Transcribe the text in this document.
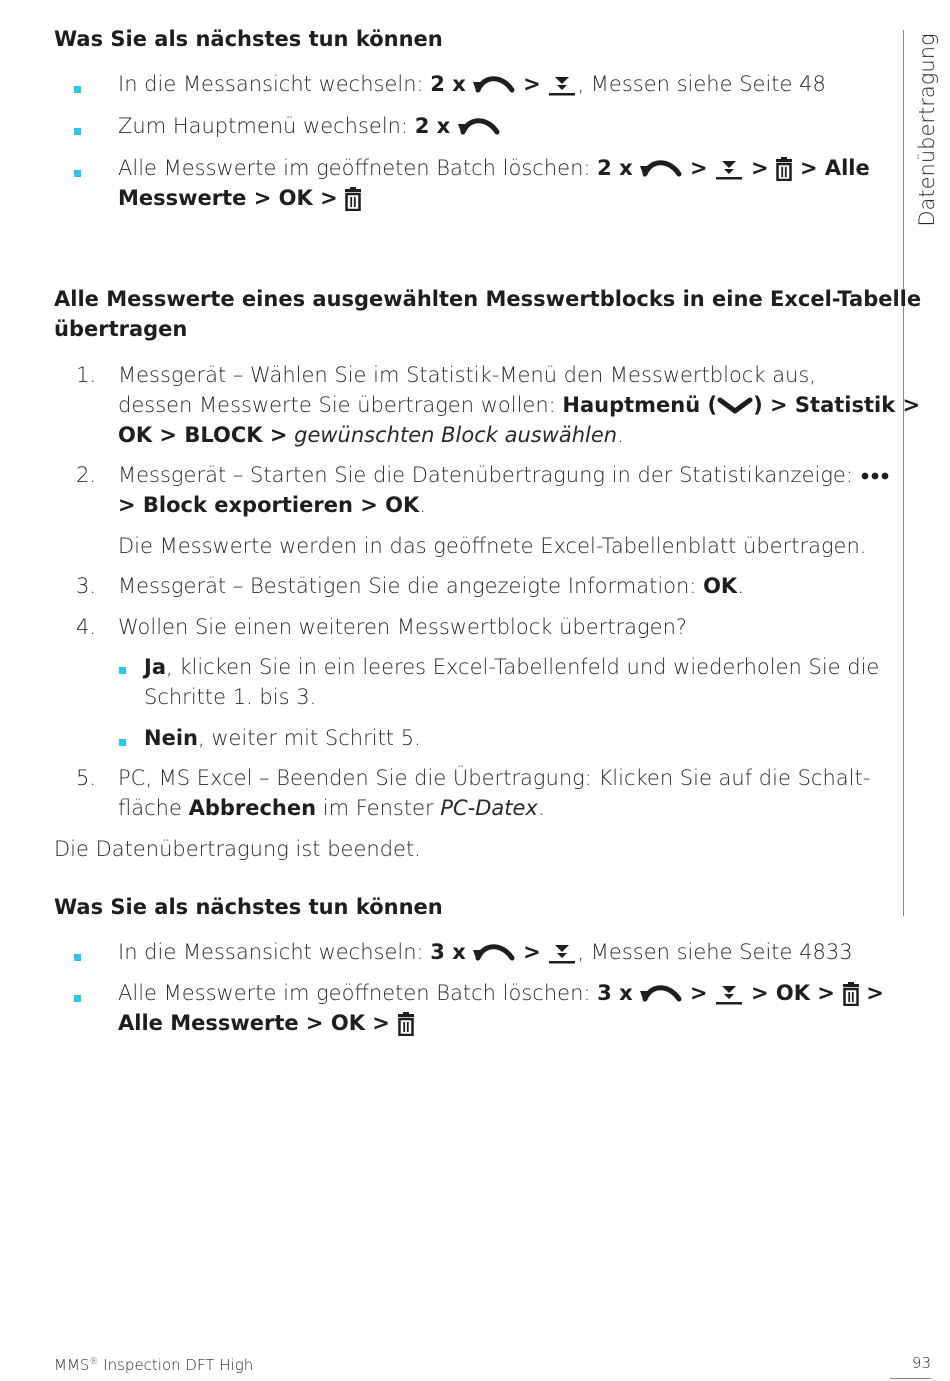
Datenübertragung
Was Sie als nächstes tun können
In die Messansicht wechseln: 2 x	> , Messen siehe Seite 48
Zum Hauptmenü wechseln: 2 x
Alle Messwerte im geöffneten Batch löschen: 2 x	> > > Alle
Messwerte > OK >
Alle Messwerte eines ausgewählten Messwertblocks in eine Excel-Tabelle
übertragen
1. Messgerät – Wählen Sie im Statistik-Menü den Messwertblock aus,
dessen Messwerte Sie übertragen wollen: Hauptmenü ( ) > Statistik >
OK > BLOCK > gewünschten Block auswählen.
2. Messgerät – Starten Sie die Datenübertragung in der Statistikanzeige:
> Block exportieren > OK.
Die Messwerte werden in das geöffnete Excel-Tabellenblatt übertragen.
3. Messgerät – Bestätigen Sie die angezeigte Information: OK.
4. Wollen Sie einen weiteren Messwertblock übertragen?
Ja, klicken Sie in ein leeres Excel-Tabellenfeld und wiederholen Sie die
Schritte 1. bis 3.
Nein, weiter mit Schritt 5.
5. PC, MS Excel – Beenden Sie die Übertragung: Klicken Sie auf die Schalt-
fläche Abbrechen im Fenster PC-Datex.
Die Datenübertragung ist beendet.
Was Sie als nächstes tun können
In die Messansicht wechseln: 3 x	> , Messen siehe Seite 4833
Alle Messwerte im geöffneten Batch löschen: 3 x	> > OK > >
Alle Messwerte > OK >
MMS® Inspection DFT High	93
